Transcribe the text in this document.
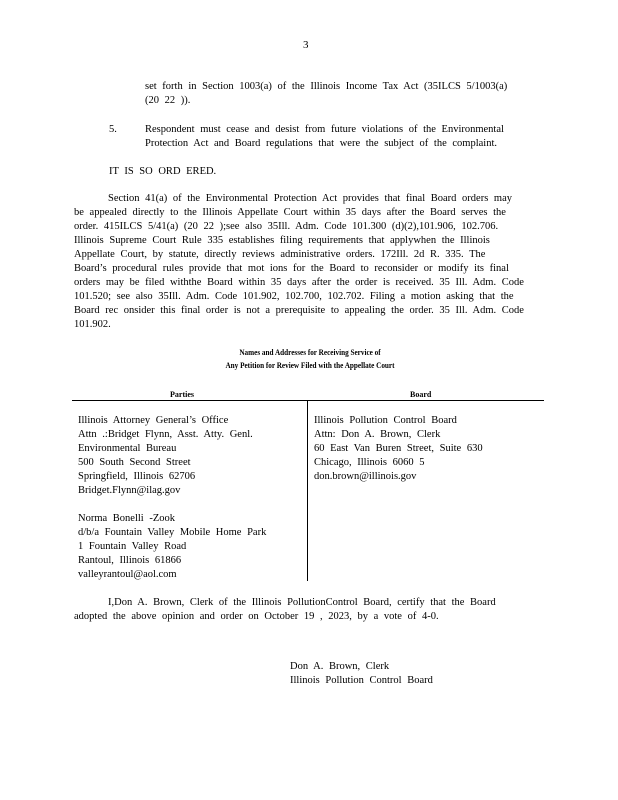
3
set forth in Section 1003(a) of the Illinois Income Tax Act (35ILCS 5/1003(a)
(20 22 )).
5.	Respondent must cease and desist from future violations of the Environmental
Protection Act and Board regulations that were the subject of the complaint.
IT IS SO ORD ERED.
Section 41(a) of the Environmental Protection Act provides that final Board orders may
be appealed directly to the Illinois Appellate Court within 35 days after the Board serves the
order. 415ILCS 5/41(a) (20 22 );see also 35Ill. Adm. Code 101.300 (d)(2),101.906, 102.706.
Illinois Supreme Court Rule 335 establishes filing requirements that applywhen the Illinois
Appellate Court, by statute, directly reviews administrative orders. 172Ill. 2d R. 335. The
Board’s procedural rules provide that mot ions for the Board to reconsider or modify its final
orders may be filed withthe Board within 35 days after the order is received. 35 Ill. Adm. Code
101.520; see also 35Ill. Adm. Code 101.902, 102.700, 102.702. Filing a motion asking that the
Board rec onsider this final order is not a prerequisite to appealing the order. 35 Ill. Adm. Code
101.902.
Names and Addresses for Receiving Service of
Any Petition for Review Filed with the Appellate Court
Parties	Board
Illinois Attorney General’s Office
Attn .:Bridget Flynn, Asst. Atty. Genl.
Environmental Bureau
500 South Second Street
Springfield, Illinois 62706
Bridget.Flynn@ilag.gov
Norma Bonelli -Zook
d/b/a Fountain Valley Mobile Home Park
1 Fountain Valley Road
Rantoul, Illinois 61866
valleyrantoul@aol.com
Illinois Pollution Control Board
Attn: Don A. Brown, Clerk
60 East Van Buren Street, Suite 630
Chicago, Illinois 6060 5
don.brown@illinois.gov
I,Don A. Brown, Clerk of the Illinois PollutionControl Board, certify that the Board
adopted the above opinion and order on October 19 , 2023, by a vote of 4-0.
Don A. Brown, Clerk
Illinois Pollution Control Board
